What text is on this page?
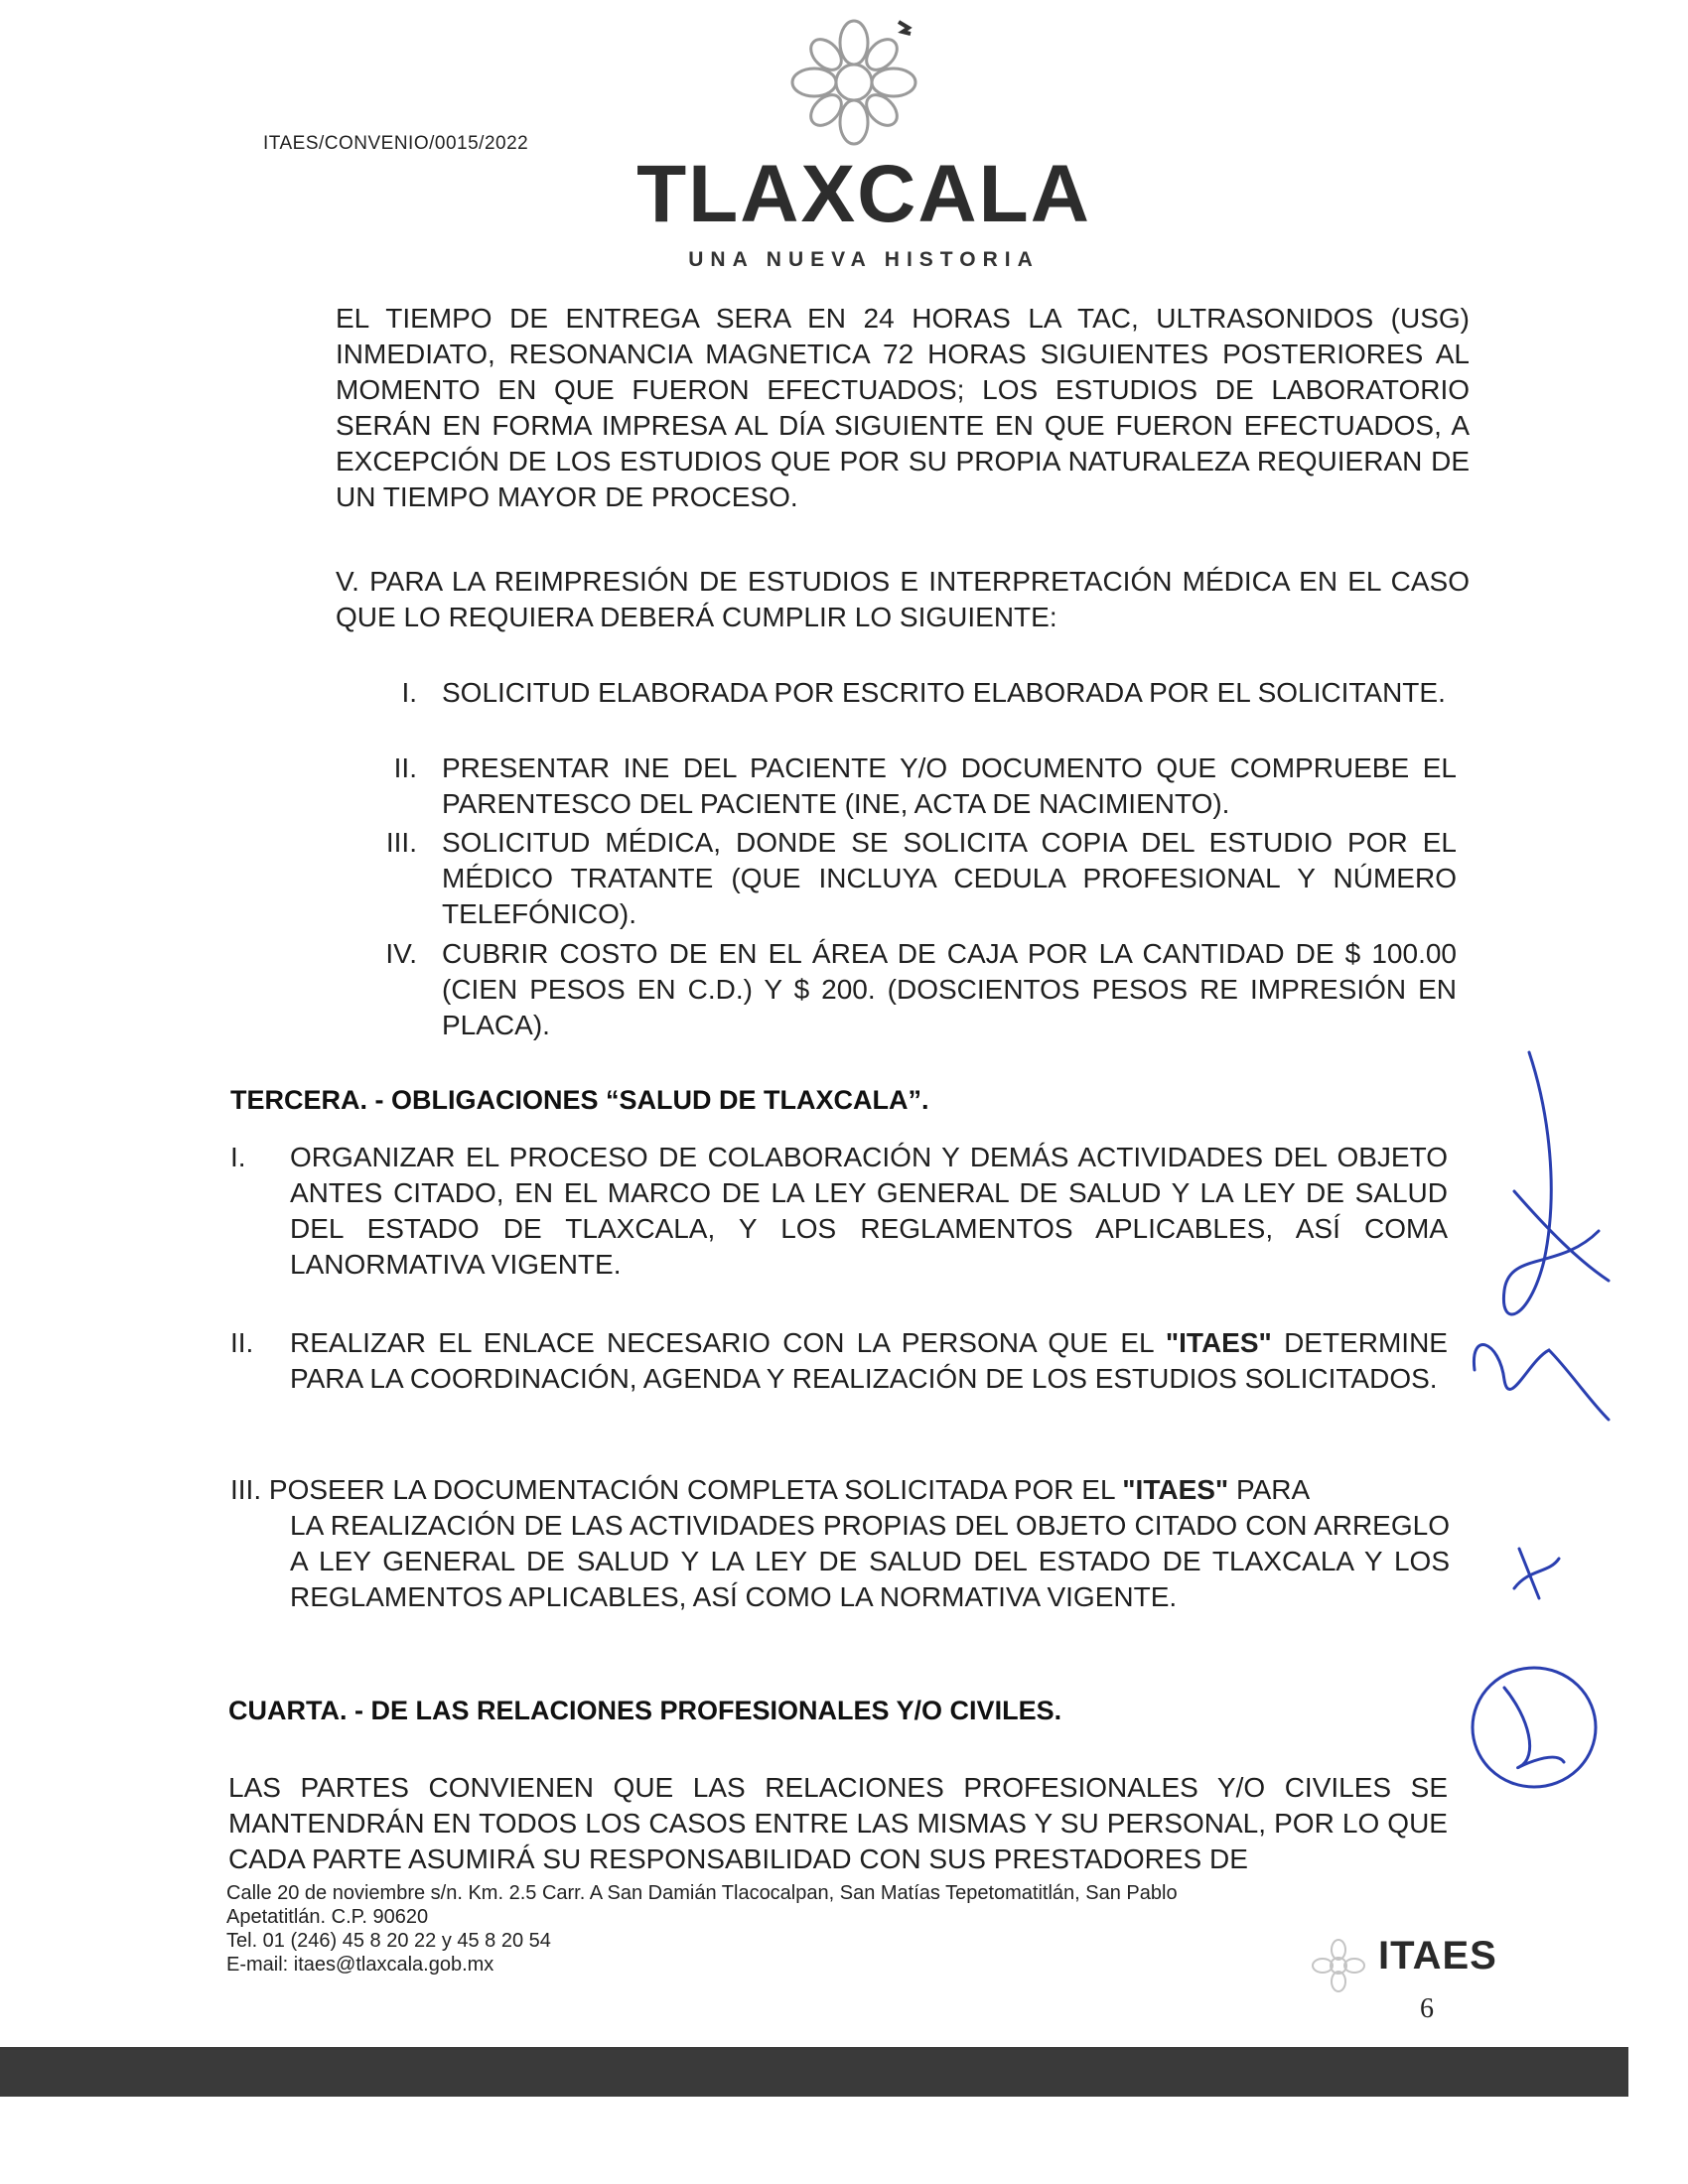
ITAES/CONVENIO/0015/2022
TLAXCALA
UNA NUEVA HISTORIA
EL TIEMPO DE ENTREGA SERA EN 24 HORAS LA TAC, ULTRASONIDOS (USG) INMEDIATO, RESONANCIA MAGNETICA 72 HORAS SIGUIENTES POSTERIORES AL MOMENTO EN QUE FUERON EFECTUADOS; LOS ESTUDIOS DE LABORATORIO SERÁN EN FORMA IMPRESA AL DÍA SIGUIENTE EN QUE FUERON EFECTUADOS, A EXCEPCIÓN DE LOS ESTUDIOS QUE POR SU PROPIA NATURALEZA REQUIERAN DE UN TIEMPO MAYOR DE PROCESO.
V. PARA LA REIMPRESIÓN DE ESTUDIOS E INTERPRETACIÓN MÉDICA EN EL CASO QUE LO REQUIERA DEBERÁ CUMPLIR LO SIGUIENTE:
I. SOLICITUD ELABORADA POR ESCRITO ELABORADA POR EL SOLICITANTE.
II. PRESENTAR INE DEL PACIENTE Y/O DOCUMENTO QUE COMPRUEBE EL PARENTESCO DEL PACIENTE (INE, ACTA DE NACIMIENTO).
III. SOLICITUD MÉDICA, DONDE SE SOLICITA COPIA DEL ESTUDIO POR EL MÉDICO TRATANTE (QUE INCLUYA CEDULA PROFESIONAL Y NÚMERO TELEFÓNICO).
IV. CUBRIR COSTO DE EN EL ÁREA DE CAJA POR LA CANTIDAD DE $ 100.00 (CIEN PESOS EN C.D.) Y $ 200. (DOSCIENTOS PESOS RE IMPRESIÓN EN PLACA).
TERCERA. - OBLIGACIONES “SALUD DE TLAXCALA”.
I. ORGANIZAR EL PROCESO DE COLABORACIÓN Y DEMÁS ACTIVIDADES DEL OBJETO ANTES CITADO, EN EL MARCO DE LA LEY GENERAL DE SALUD Y LA LEY DE SALUD DEL ESTADO DE TLAXCALA, Y LOS REGLAMENTOS APLICABLES, ASÍ COMA LANORMATIVA VIGENTE.
II. REALIZAR EL ENLACE NECESARIO CON LA PERSONA QUE EL "ITAES" DETERMINE PARA LA COORDINACIÓN, AGENDA Y REALIZACIÓN DE LOS ESTUDIOS SOLICITADOS.
III. POSEER LA DOCUMENTACIÓN COMPLETA SOLICITADA POR EL "ITAES" PARA
LA REALIZACIÓN DE LAS ACTIVIDADES PROPIAS DEL OBJETO CITADO CON ARREGLO A LEY GENERAL DE SALUD Y LA LEY DE SALUD DEL ESTADO DE TLAXCALA Y LOS REGLAMENTOS APLICABLES, ASÍ COMO LA NORMATIVA VIGENTE.
CUARTA. - DE LAS RELACIONES PROFESIONALES Y/O CIVILES.
LAS PARTES CONVIENEN QUE LAS RELACIONES PROFESIONALES Y/O CIVILES SE MANTENDRÁN EN TODOS LOS CASOS ENTRE LAS MISMAS Y SU PERSONAL, POR LO QUE CADA PARTE ASUMIRÁ SU RESPONSABILIDAD CON SUS PRESTADORES DE
Calle 20 de noviembre s/n. Km. 2.5 Carr. A San Damián Tlacocalpan, San Matías Tepetomatitlán, San Pablo
Apetatitlán. C.P. 90620
Tel. 01 (246) 45 8 20 22 y 45 8 20 54
E-mail: itaes@tlaxcala.gob.mx	ITAES
6
